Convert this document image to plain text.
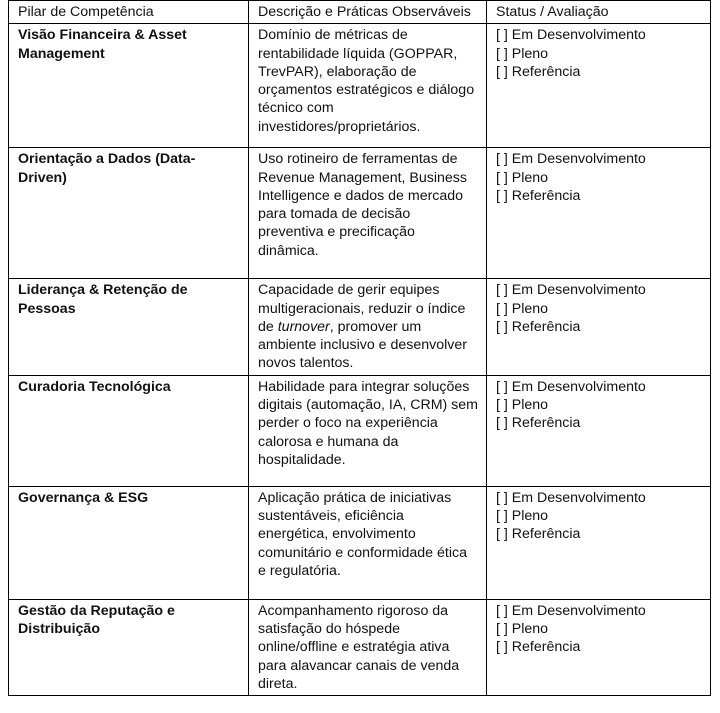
Pilar de Competência	Descrição e Práticas Observáveis	Status / Avaliação
Visão Financeira & Asset Management	Domínio de métricas de rentabilidade líquida (GOPPAR, TrevPAR), elaboração de orçamentos estratégicos e diálogo técnico com investidores/proprietários.	[ ] Em Desenvolvimento
[ ] Pleno
[ ] Referência

Orientação a Dados (Data-Driven)	Uso rotineiro de ferramentas de Revenue Management, Business Intelligence e dados de mercado para tomada de decisão preventiva e precificação dinâmica.	[ ] Em Desenvolvimento
[ ] Pleno
[ ] Referência

Liderança & Retenção de Pessoas	Capacidade de gerir equipes multigeracionais, reduzir o índice de turnover, promover um ambiente inclusivo e desenvolver novos talentos.	[ ] Em Desenvolvimento
[ ] Pleno
[ ] Referência

Curadoria Tecnológica	Habilidade para integrar soluções digitais (automação, IA, CRM) sem perder o foco na experiência calorosa e humana da hospitalidade.	[ ] Em Desenvolvimento
[ ] Pleno
[ ] Referência

Governança & ESG	Aplicação prática de iniciativas sustentáveis, eficiência energética, envolvimento comunitário e conformidade ética e regulatória.	[ ] Em Desenvolvimento
[ ] Pleno
[ ] Referência

Gestão da Reputação e Distribuição	Acompanhamento rigoroso da satisfação do hóspede online/offline e estratégia ativa para alavancar canais de venda direta.	[ ] Em Desenvolvimento
[ ] Pleno
[ ] Referência
